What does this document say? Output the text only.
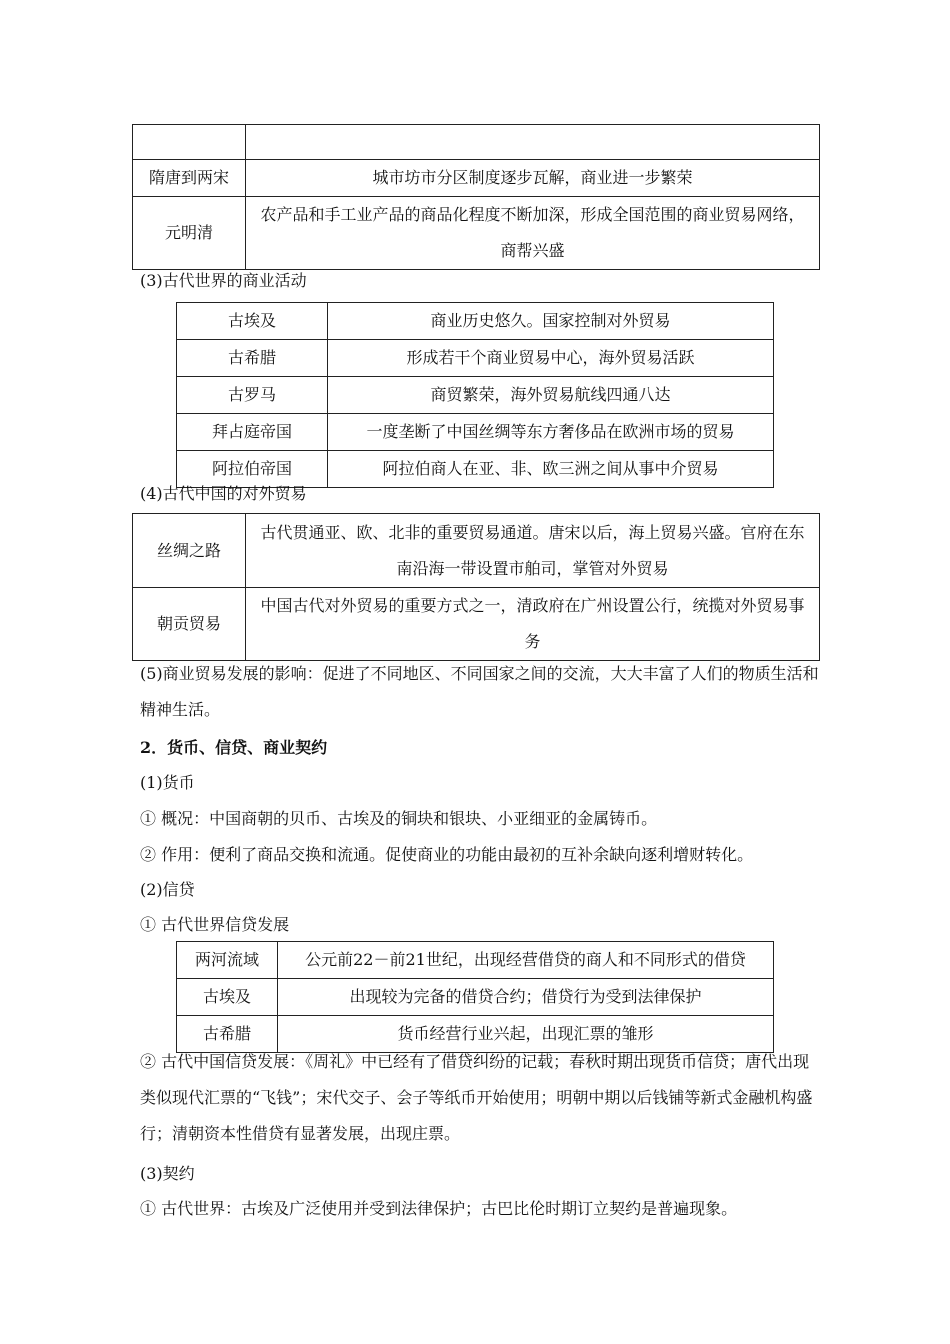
隋唐到两宋	城市坊市分区制度逐步瓦解，商业进一步繁荣
元明清	农产品和手工业产品的商品化程度不断加深，形成全国范围的商业贸易网络，商帮兴盛
(3)古代世界的商业活动
古埃及	商业历史悠久。国家控制对外贸易
古希腊	形成若干个商业贸易中心，海外贸易活跃
古罗马	商贸繁荣，海外贸易航线四通八达
拜占庭帝国	一度垄断了中国丝绸等东方奢侈品在欧洲市场的贸易
阿拉伯帝国	阿拉伯商人在亚、非、欧三洲之间从事中介贸易
(4)古代中国的对外贸易
丝绸之路	古代贯通亚、欧、北非的重要贸易通道。唐宋以后，海上贸易兴盛。官府在东南沿海一带设置市舶司，掌管对外贸易
朝贡贸易	中国古代对外贸易的重要方式之一，清政府在广州设置公行，统揽对外贸易事务
(5)商业贸易发展的影响：促进了不同地区、不同国家之间的交流，大大丰富了人们的物质生活和精神生活。
2．货币、信贷、商业契约
(1)货币
① 概况：中国商朝的贝币、古埃及的铜块和银块、小亚细亚的金属铸币。
② 作用：便利了商品交换和流通。促使商业的功能由最初的互补余缺向逐利增财转化。
(2)信贷
① 古代世界信贷发展
两河流域	公元前22－前21世纪，出现经营借贷的商人和不同形式的借贷
古埃及	出现较为完备的借贷合约；借贷行为受到法律保护
古希腊	货币经营行业兴起，出现汇票的雏形
② 古代中国信贷发展：《周礼》中已经有了借贷纠纷的记载；春秋时期出现货币信贷；唐代出现类似现代汇票的“飞钱”；宋代交子、会子等纸币开始使用；明朝中期以后钱铺等新式金融机构盛行；清朝资本性借贷有显著发展，出现庄票。
(3)契约
① 古代世界：古埃及广泛使用并受到法律保护；古巴比伦时期订立契约是普遍现象。
